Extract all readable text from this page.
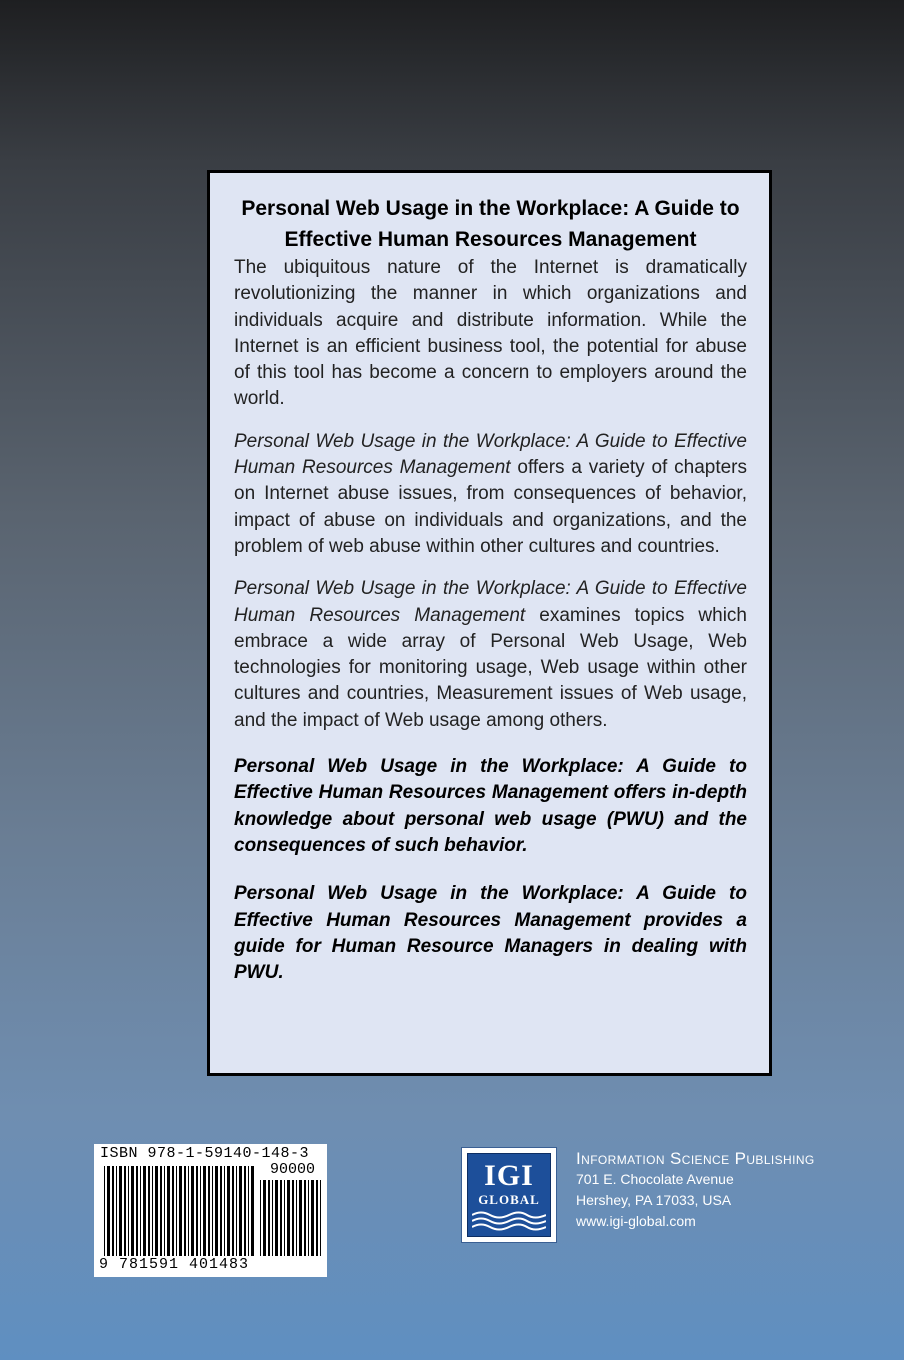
Personal Web Usage in the Workplace: A Guide to Effective Human Resources Management

The ubiquitous nature of the Internet is dramatically revolutionizing the manner in which organizations and individuals acquire and distribute information. While the Internet is an efficient business tool, the potential for abuse of this tool has become a concern to employers around the world.

Personal Web Usage in the Workplace: A Guide to Effective Human Resources Management offers a variety of chapters on Internet abuse issues, from consequences of behavior, impact of abuse on individuals and organizations, and the problem of web abuse within other cultures and countries.

Personal Web Usage in the Workplace: A Guide to Effective Human Resources Management examines topics which embrace a wide array of Personal Web Usage, Web technologies for monitoring usage, Web usage within other cultures and countries, Measurement issues of Web usage, and the impact of Web usage among others.

Personal Web Usage in the Workplace: A Guide to Effective Human Resources Management offers in-depth knowledge about personal web usage (PWU) and the consequences of such behavior.

Personal Web Usage in the Workplace: A Guide to Effective Human Resources Management provides a guide for Human Resource Managers in dealing with PWU.

ISBN 978-1-59140-148-3
90000
9 781591 401483
IGI
GLOBAL
Information Science Publishing
701 E. Chocolate Avenue
Hershey, PA 17033, USA
www.igi-global.com
